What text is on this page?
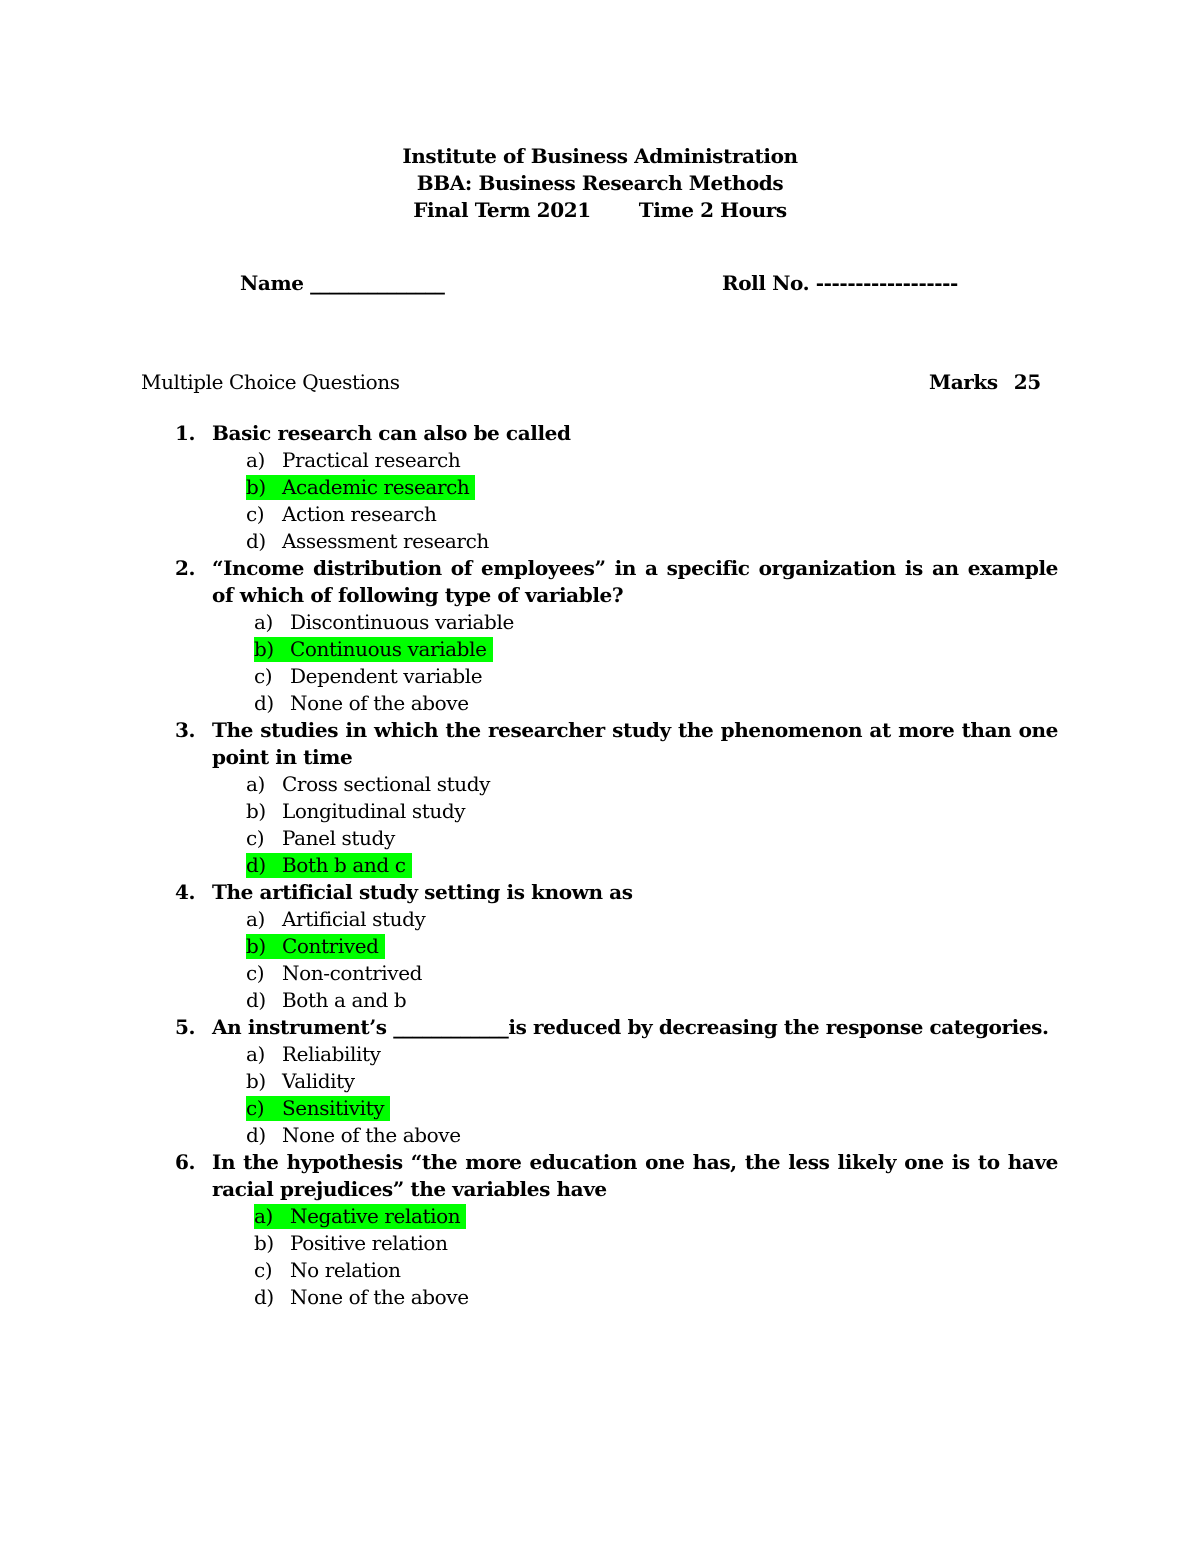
Institute of Business Administration
BBA: Business Research Methods
Final Term 2021 Time 2 Hours
Name ______________	Roll No. ------------------
Multiple Choice Questions	Marks 25
1. Basic research can also be called
a) Practical research
b) Academic research
c) Action research
d) Assessment research
2. “Income distribution of employees” in a specific organization is an example of which of following type of variable?
a) Discontinuous variable
b) Continuous variable
c) Dependent variable
d) None of the above
3. The studies in which the researcher study the phenomenon at more than one point in time
a) Cross sectional study
b) Longitudinal study
c) Panel study
d) Both b and c
4. The artificial study setting is known as
a) Artificial study
b) Contrived
c) Non-contrived
d) Both a and b
5. An instrument’s ____________is reduced by decreasing the response categories.
a) Reliability
b) Validity
c) Sensitivity
d) None of the above
6. In the hypothesis “the more education one has, the less likely one is to have racial prejudices” the variables have
a) Negative relation
b) Positive relation
c) No relation
d) None of the above
